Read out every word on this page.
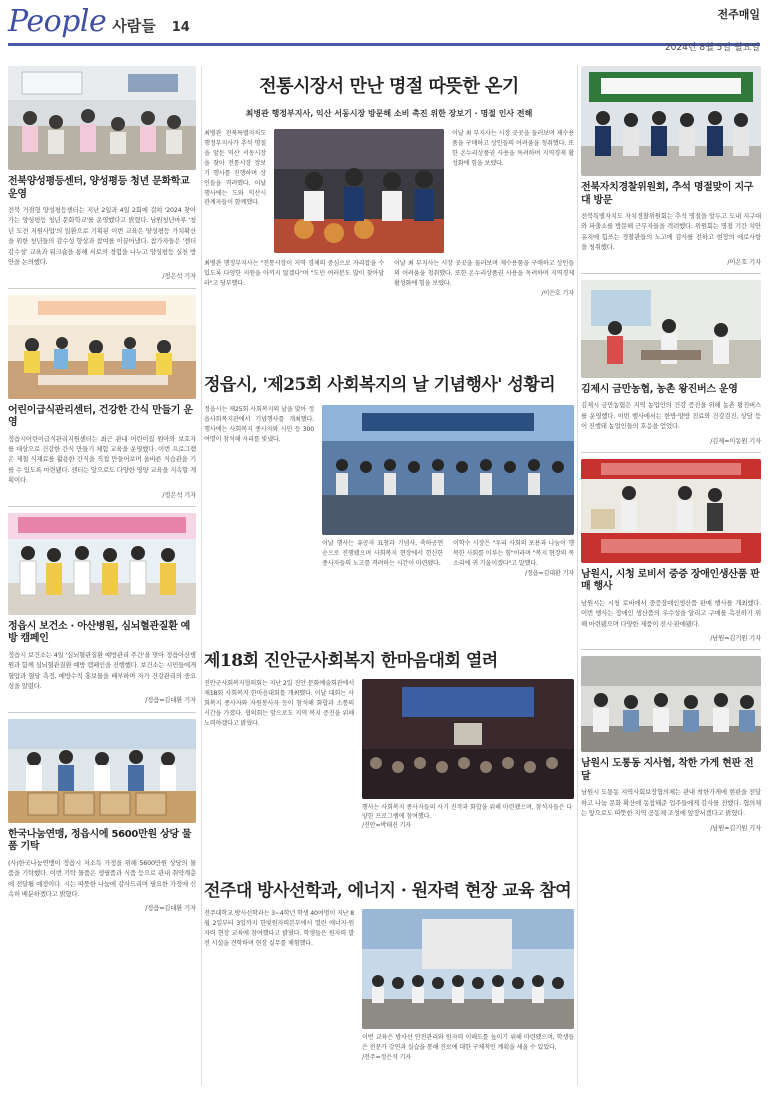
People 사람들 14
전주매일
2024년 8월 5일 월요일
전북양성평등센터, 양성평등 청년 문화학교 운영
전북 거점형 양성평등센터는 지난 2일과 4일 2회에 걸쳐 '2024 찾아가는 양성평등 청년 문화학교'를 운영했다고 밝혔다. 남원청년마루 '청년 도전 지원사업'의 일환으로 기획된 이번 교육은 양성평등 가치확산을 위한 청년들의 감수성 향상과 참여를 이끌어냈다. 참가자들은 '젠더 감수성' 교육과 워크숍을 통해 서로의 경험을 나누고 양성평등 실천 방안을 논의했다.
/정은석 기자
어린이급식관리센터, 건강한 간식 만들기 운영
정읍시어린이급식관리지원센터는 최근 관내 어린이집 원아와 보호자를 대상으로 건강한 간식 만들기 체험 교육을 운영했다. 이번 프로그램은 제철 식재료를 활용한 간식을 직접 만들어보며 올바른 식습관을 기를 수 있도록 마련됐다. 센터는 앞으로도 다양한 영양 교육을 지속할 계획이다.
/정은석 기자
정읍시 보건소 · 아산병원, 심뇌혈관질환 예방 캠페인
정읍시 보건소는 4일 '심뇌혈관질환 예방관리 주간'을 맞아 정읍아산병원과 함께 심뇌혈관질환 예방 캠페인을 진행했다. 보건소는 시민들에게 혈압과 혈당 측정, 예방수칙 홍보물을 배부하며 자가 건강관리의 중요성을 알렸다.
/정읍=김대환 기자
한국나눔연맹, 정읍시에 5600만원 상당 물품 기탁
(사)한국나눔연맹이 정읍시 저소득 가정을 위해 5600만원 상당의 물품을 기탁했다. 이번 기탁 물품은 생필품과 식품 등으로 관내 취약계층에 전달될 예정이다. 시는 따뜻한 나눔에 감사드리며 필요한 가정에 신속히 배분하겠다고 밝혔다.
/정읍=김대환 기자
전통시장서 만난 명절 따뜻한 온기
최병관 행정부지사, 익산 서동시장 방문해 소비 촉진 위한 장보기 · 명절 인사 전해
최병관 전북특별자치도 행정부지사가 추석 명절을 앞둔 익산 서동시장을 찾아 전통시장 장보기 행사를 진행하며 상인들을 격려했다. 이날 행사에는 도와 익산시 관계자들이 함께했다.
이날 최 부지사는 시장 곳곳을 둘러보며 제수용품을 구매하고 상인들의 어려움을 청취했다. 또한 온누리상품권 사용을 독려하며 지역경제 활성화에 힘을 보탰다.
최병관 행정부지사는 "전통시장이 지역 경제의 중심으로 자리잡을 수 있도록 다양한 지원을 아끼지 않겠다"며 "도민 여러분도 많이 찾아달라"고 당부했다.
이날 최 부지사는 시장 곳곳을 둘러보며 제수용품을 구매하고 상인들의 어려움을 청취했다. 또한 온누리상품권 사용을 독려하며 지역경제 활성화에 힘을 보탰다.
/이은호 기자
정읍시, '제25회 사회복지의 날 기념행사' 성황리
정읍시는 제25회 사회복지의 날을 맞아 정읍사회복지관에서 기념행사를 개최했다. 행사에는 사회복지 종사자와 시민 등 300여명이 참석해 자리를 빛냈다.
이날 행사는 유공자 표창과 기념사, 축하공연 순으로 진행됐으며 사회복지 현장에서 헌신한 종사자들의 노고를 격려하는 시간이 마련됐다.
이학수 시장은 "우리 사회의 포용과 나눔이 행복한 사회를 이루는 힘"이라며 "복지 현장의 목소리에 귀 기울이겠다"고 말했다.
/정읍=김대환 기자
제18회 진안군사회복지 한마음대회 열려
진안군사회복지협의회는 지난 2일 진안 문화예술회관에서 제18회 사회복지 한마음대회를 개최했다. 이날 대회는 사회복지 종사자와 자원봉사자 등이 참석해 화합과 소통의 시간을 가졌다. 협의회는 앞으로도 지역 복지 증진을 위해 노력하겠다고 밝혔다.
행사는 사회복지 종사자들의 사기 진작과 화합을 위해 마련됐으며, 참석자들은 다양한 프로그램에 참여했다.
/진안=박태진 기자
전주대 방사선학과, 에너지 · 원자력 현장 교육 참여
전주대학교 방사선학과는 3~4학년 학생 40여명이 지난 8월 2일부터 3일까지 한빛원자력본부에서 열린 에너지·원자력 현장 교육에 참여했다고 밝혔다. 학생들은 원자력 발전 시설을 견학하며 현장 실무를 체험했다.
이번 교육은 방사선 안전관리와 원자력 이해도를 높이기 위해 마련됐으며, 학생들은 전문가 강연과 실습을 통해 진로에 대한 구체적인 계획을 세울 수 있었다.
/전주=정은석 기자
전북자치경찰위원회, 추석 명절맞이 지구대 방문
전북특별자치도 자치경찰위원회는 추석 명절을 앞두고 도내 지구대와 파출소를 방문해 근무자들을 격려했다. 위원회는 명절 기간 치안 유지에 힘쓰는 경찰관들의 노고에 감사를 전하고 현장의 애로사항을 청취했다.
/이은호 기자
김제시 금만농협, 농촌 왕진버스 운영
김제시 금만농협은 지역 농업인의 건강 증진을 위해 농촌 왕진버스를 운영했다. 이번 행사에서는 한방·양방 진료와 건강검진, 상담 등이 진행돼 농업인들의 호응을 얻었다.
/김제=이동원 기자
남원시, 시청 로비서 중증 장애인생산품 판매 행사
남원시는 시청 로비에서 중증장애인생산품 판매 행사를 개최했다. 이번 행사는 장애인 생산품의 우수성을 알리고 구매를 촉진하기 위해 마련됐으며 다양한 제품이 전시·판매됐다.
/남원=김기원 기자
남원시 도통동 지사협, 착한 가게 현판 전달
남원시 도통동 지역사회보장협의체는 관내 착한가게에 현판을 전달하고 나눔 문화 확산에 동참해준 업주들에게 감사를 전했다. 협의체는 앞으로도 따뜻한 지역 공동체 조성에 앞장서겠다고 밝혔다.
/남원=김기원 기자
